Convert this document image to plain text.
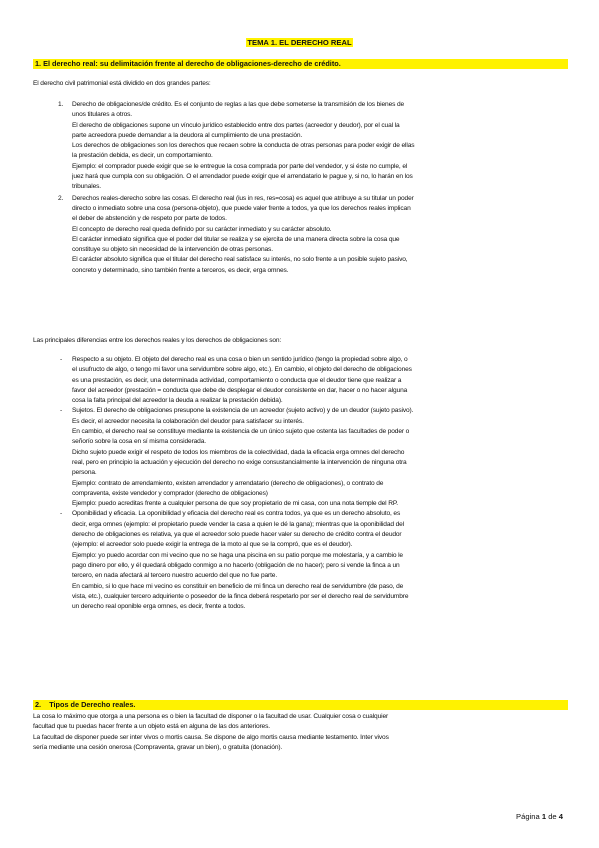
TEMA 1. EL DERECHO REAL
1. El derecho real: su delimitación frente al derecho de obligaciones-derecho de crédito.
El derecho civil patrimonial está dividido en dos grandes partes:
1. Derecho de obligaciones/de crédito. Es el conjunto de reglas a las que debe someterse la transmisión de los bienes de
unos titulares a otros.
El derecho de obligaciones supone un vínculo jurídico establecido entre dos partes (acreedor y deudor), por el cual la
parte acreedora puede demandar a la deudora al cumplimiento de una prestación.
Los derechos de obligaciones son los derechos que recaen sobre la conducta de otras personas para poder exigir de ellas
la prestación debida, es decir, un comportamiento.
Ejemplo: el comprador puede exigir que se le entregue la cosa comprada por parte del vendedor, y si éste no cumple, el
juez hará que cumpla con su obligación. O el arrendador puede exigir que el arrendatario le pague y, si no, lo harán en los
tribunales.
2. Derechos reales-derecho sobre las cosas. El derecho real (ius in res, res=cosa) es aquel que atribuye a su titular un poder
directo o inmediato sobre una cosa (persona-objeto), que puede valer frente a todos, ya que los derechos reales implican
el deber de abstención y de respeto por parte de todos.
El concepto de derecho real queda definido por su carácter inmediato y su carácter absoluto.
El carácter inmediato significa que el poder del titular se realiza y se ejercita de una manera directa sobre la cosa que
constituye su objeto sin necesidad de la intervención de otras personas.
El carácter absoluto significa que el titular del derecho real satisface su interés, no solo frente a un posible sujeto pasivo,
concreto y determinado, sino también frente a terceros, es decir, erga omnes.
Las principales diferencias entre los derechos reales y los derechos de obligaciones son:
- Respecto a su objeto. El objeto del derecho real es una cosa o bien un sentido jurídico (tengo la propiedad sobre algo, o
el usufructo de algo, o tengo mi favor una servidumbre sobre algo, etc.). En cambio, el objeto del derecho de obligaciones
es una prestación, es decir, una determinada actividad, comportamiento o conducta que el deudor tiene que realizar a
favor del acreedor (prestación = conducta que debe de desplegar el deudor consistente en dar, hacer o no hacer alguna
cosa la falta principal del acreedor la deuda a realizar la prestación debida).
- Sujetos. El derecho de obligaciones presupone la existencia de un acreedor (sujeto activo) y de un deudor (sujeto pasivo).
Es decir, el acreedor necesita la colaboración del deudor para satisfacer su interés.
En cambio, el derecho real se constituye mediante la existencia de un único sujeto que ostenta las facultades de poder o
señorío sobre la cosa en sí misma considerada.
Dicho sujeto puede exigir el respeto de todos los miembros de la colectividad, dada la eficacia erga omnes del derecho
real, pero en principio la actuación y ejecución del derecho no exige consustancialmente la intervención de ninguna otra
persona.
Ejemplo: contrato de arrendamiento, existen arrendador y arrendatario (derecho de obligaciones), o contrato de
compraventa, existe vendedor y comprador (derecho de obligaciones)
Ejemplo: puedo acreditas frente a cualquier persona de que soy propietario de mi casa, con una nota tiemple del RP.
- Oponibilidad y eficacia. La oponibilidad y eficacia del derecho real es contra todos, ya que es un derecho absoluto, es
decir, erga omnes (ejemplo: el propietario puede vender la casa a quien le dé la gana); mientras que la oponibilidad del
derecho de obligaciones es relativa, ya que el acreedor solo puede hacer valer su derecho de crédito contra el deudor
(ejemplo: el acreedor solo puede exigir la entrega de la moto al que se la compró, que es el deudor).
Ejemplo: yo puedo acordar con mi vecino que no se haga una piscina en su patio porque me molestaría, y a cambio le
pago dinero por ello, y él quedará obligado conmigo a no hacerlo (obligación de no hacer); pero si vende la finca a un
tercero, en nada afectará al tercero nuestro acuerdo del que no fue parte.
En cambio, si lo que hace mi vecino es constituir en beneficio de mi finca un derecho real de servidumbre (de paso, de
vista, etc.), cualquier tercero adquiriente o poseedor de la finca deberá respetarlo por ser el derecho real de servidumbre
un derecho real oponible erga omnes, es decir, frente a todos.
2.    Tipos de Derecho reales.
La cosa lo máximo que otorga a una persona es o bien la facultad de disponer o la facultad de usar. Cualquier cosa o cualquier
facultad que tu puedas hacer frente a un objeto está en alguna de las dos anteriores.
La facultad de disponer puede ser inter vivos o mortis causa. Se dispone de algo mortis causa mediante testamento. Inter vivos
sería mediante una cesión onerosa (Compraventa, gravar un bien), o gratuita (donación).
Página 1 de 4
